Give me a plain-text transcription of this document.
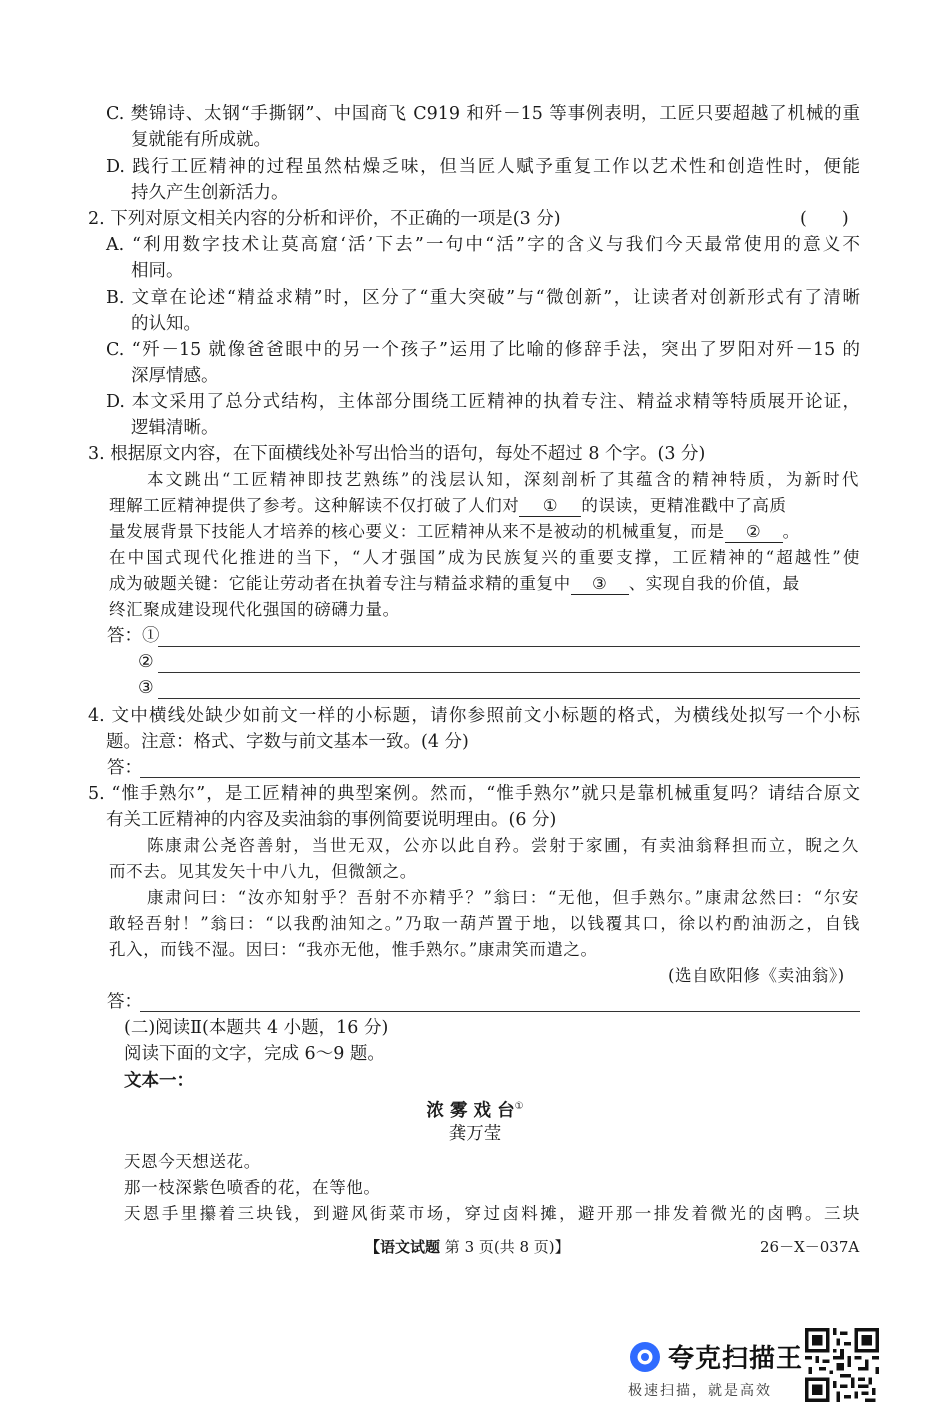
C. 樊锦诗、太钢“手撕钢”、中国商飞 C919 和歼－15 等事例表明，工匠只要超越了机械的重
复就能有所成就。
D. 践行工匠精神的过程虽然枯燥乏味，但当匠人赋予重复工作以艺术性和创造性时，便能
持久产生创新活力。
2. 下列对原文相关内容的分析和评价，不正确的一项是(3 分)	(　　)
A. “利用数字技术让莫高窟‘活’下去”一句中“活”字的含义与我们今天最常使用的意义不
相同。
B. 文章在论述“精益求精”时，区分了“重大突破”与“微创新”，让读者对创新形式有了清晰
的认知。
C. “歼－15 就像爸爸眼中的另一个孩子”运用了比喻的修辞手法，突出了罗阳对歼－15 的
深厚情感。
D. 本文采用了总分式结构，主体部分围绕工匠精神的执着专注、精益求精等特质展开论证，
逻辑清晰。
3. 根据原文内容，在下面横线处补写出恰当的语句，每处不超过 8 个字。(3 分)
本文跳出“工匠精神即技艺熟练”的浅层认知，深刻剖析了其蕴含的精神特质，为新时代
理解工匠精神提供了参考。这种解读不仅打破了人们对 ① 的误读，更精准戳中了高质
量发展背景下技能人才培养的核心要义：工匠精神从来不是被动的机械重复，而是 ② 。
在中国式现代化推进的当下，“人才强国”成为民族复兴的重要支撑，工匠精神的“超越性”使
成为破题关键：它能让劳动者在执着专注与精益求精的重复中 ③ 、实现自我的价值，最
终汇聚成建设现代化强国的磅礴力量。
答：①
②
③
4. 文中横线处缺少如前文一样的小标题，请你参照前文小标题的格式，为横线处拟写一个小标
题。注意：格式、字数与前文基本一致。(4 分)
答：
5. “惟手熟尔”，是工匠精神的典型案例。然而，“惟手熟尔”就只是靠机械重复吗？请结合原文
有关工匠精神的内容及卖油翁的事例简要说明理由。(6 分)
陈康肃公尧咨善射，当世无双，公亦以此自矜。尝射于家圃，有卖油翁释担而立，睨之久
而不去。见其发矢十中八九，但微颔之。
康肃问曰：“汝亦知射乎？吾射不亦精乎？”翁曰：“无他，但手熟尔。”康肃忿然曰：“尔安
敢轻吾射！”翁曰：“以我酌油知之。”乃取一葫芦置于地，以钱覆其口，徐以杓酌油沥之，自钱
孔入，而钱不湿。因曰：“我亦无他，惟手熟尔。”康肃笑而遣之。
(选自欧阳修《卖油翁》)
答：
(二)阅读Ⅱ(本题共 4 小题，16 分)
阅读下面的文字，完成 6～9 题。
文本一：
浓 雾 戏 台①
龚万莹
天恩今天想送花。
那一枝深紫色喷香的花，在等他。
天恩手里攥着三块钱，到避风街菜市场，穿过卤料摊，避开那一排发着微光的卤鸭。三块
【语文试题 第 3 页(共 8 页)】	26－X－037A
夸克扫描王
极速扫描，就是高效
